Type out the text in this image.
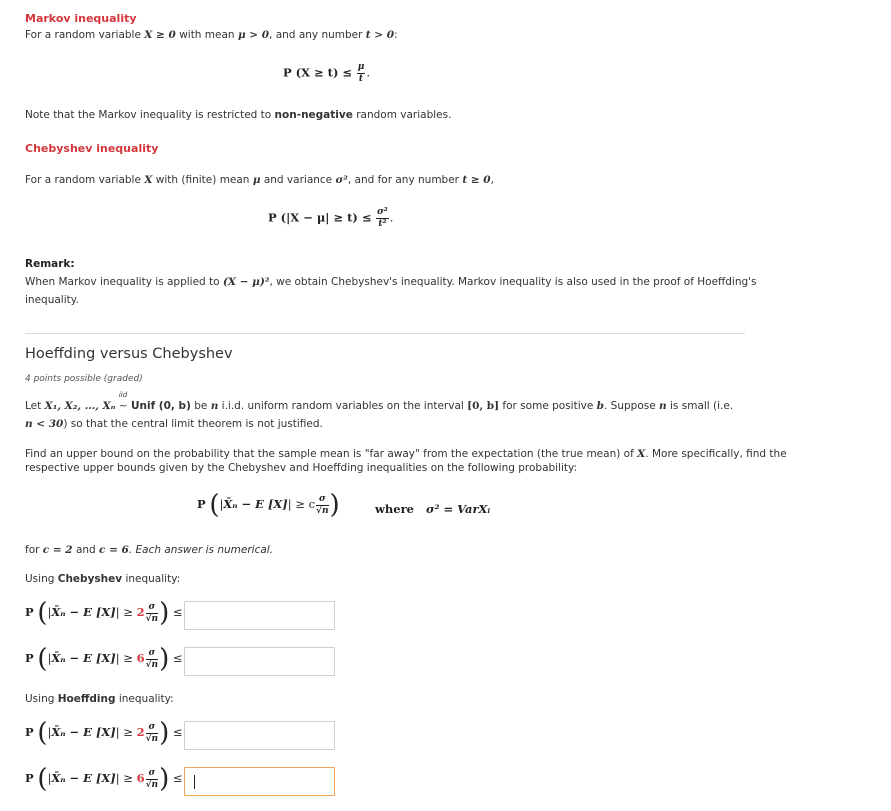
Markov inequality
For a random variable X ≥ 0 with mean μ > 0, and any number t > 0:
P $(X \ge t) \le \frac{\mu}{t}$ .
Note that the Markov inequality is restricted to non-negative random variables.
Chebyshev inequality
For a random variable X with (finite) mean μ and variance σ², and for any number t ≥ 0,
P $(|X - \mu| \ge t) \le \frac{\text{σ²}}{\text{t²}}$ .
Remark:
When Markov inequality is applied to (X − μ)², we obtain Chebyshev's inequality. Markov inequality is also used in the proof of Hoeffding's
inequality.
Hoeffding versus Chebyshev
4 points possible (graded)
Let X₁, X₂, …, Xₙ
iid
∼ Unif (0, b) be n i.i.d. uniform random variables on the interval [0, b] for some positive b. Suppose n is small (i.e.
n < 30) so that the central limit theorem is not justified.
Find an upper bound on the probability that the sample mean is "far away" from the expectation (the true mean) of X. More specifically, find the
respective upper bounds given by the Chebyshev and Hoeffding inequalities on the following probability:
P (|X̄ₙ − E [X]| ≥ c $\frac{\sigma}{√n}$ )	where σ² = VarXᵢ
for c = 2 and c = 6. Each answer is numerical.
Using Chebyshev inequality:
P (|X̄ₙ − E $[X]| \ge 2 \frac{\sigma}{√n}$ ) ≤
P (|X̄ₙ − E $[X]| \ge 6 \frac{\sigma}{√n}$ ) ≤
Using Hoeffding inequality:
P (|X̄ₙ − E $[X]| \ge 2 \frac{\sigma}{√n}$ ) ≤
P (|X̄ₙ − E $[X]| \ge 6 \frac{\sigma}{√n}$ ) ≤
